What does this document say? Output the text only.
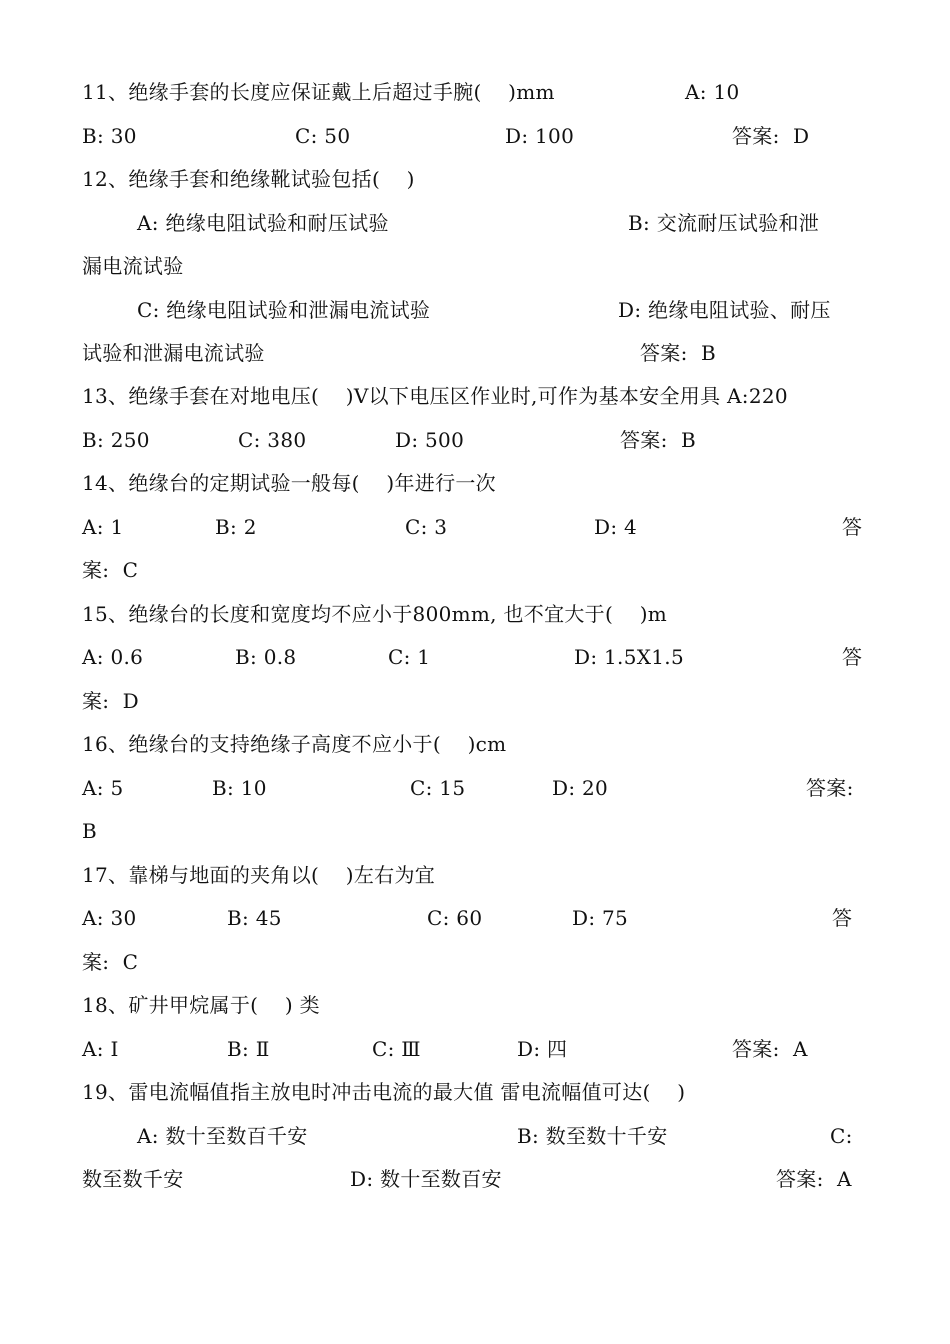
11、绝缘手套的长度应保证戴上后超过手腕(    )mm	A: 10
B: 30	C: 50	D: 100	答案:  D
12、绝缘手套和绝缘靴试验包括(    )
A: 绝缘电阻试验和耐压试验	B: 交流耐压试验和泄
漏电流试验
C: 绝缘电阻试验和泄漏电流试验	D: 绝缘电阻试验、耐压
试验和泄漏电流试验	答案:  B
13、绝缘手套在对地电压(    )V以下电压区作业时,可作为基本安全用具 A:220
B: 250	C: 380	D: 500	答案:  B
14、绝缘台的定期试验一般每(    )年进行一次
A: 1	B: 2	C: 3	D: 4	答
案:  C
15、绝缘台的长度和宽度均不应小于800mm, 也不宜大于(    )m
A: 0.6	B: 0.8	C: 1	D: 1.5X1.5	答
案:  D
16、绝缘台的支持绝缘子高度不应小于(    )cm
A: 5	B: 10	C: 15	D: 20	答案:
B
17、靠梯与地面的夹角以(    )左右为宜
A: 30	B: 45	C: 60	D: 75	答
案:  C
18、矿井甲烷属于(    ) 类
A: Ⅰ	B: Ⅱ	C: Ⅲ	D: 四	答案:  A
19、雷电流幅值指主放电时冲击电流的最大值 雷电流幅值可达(    )
A: 数十至数百千安	B: 数至数十千安	C:
数至数千安	D: 数十至数百安	答案:  A
